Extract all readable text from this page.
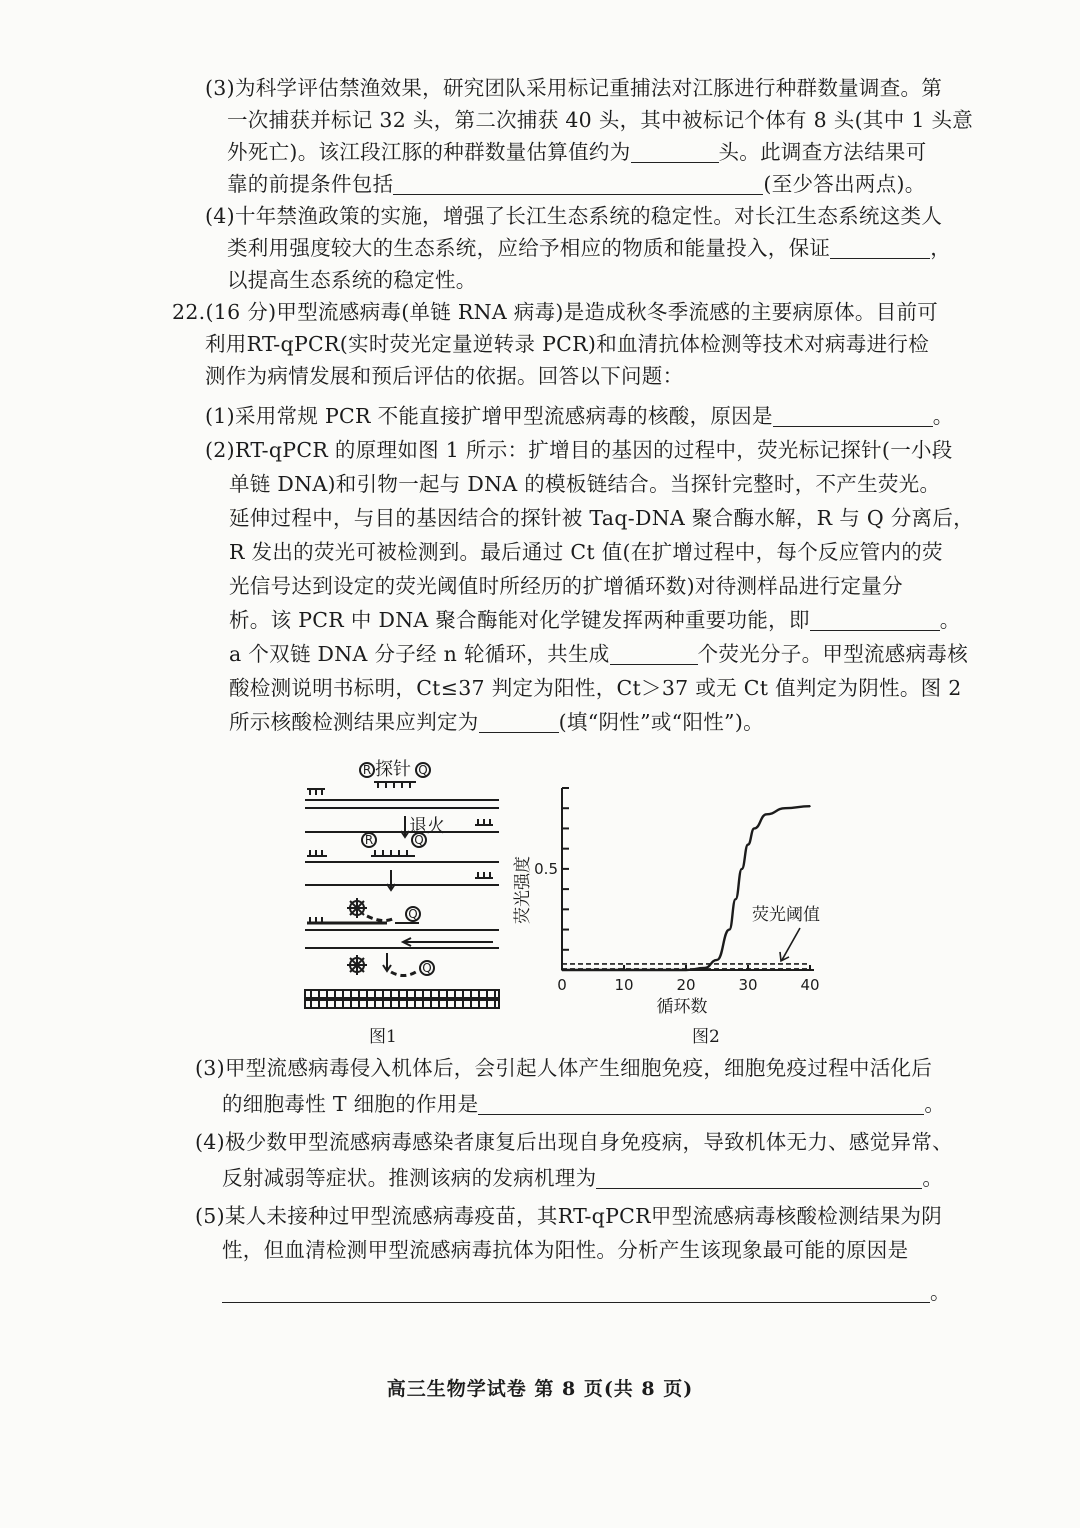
(3)为科学评估禁渔效果，研究团队采用标记重捕法对江豚进行种群数量调查。第
一次捕获并标记 32 头，第二次捕获 40 头，其中被标记个体有 8 头(其中 1 头意
外死亡)。该江段江豚的种群数量估算值约为	头。此调查方法结果可
靠的前提条件包括	(至少答出两点)。
(4)十年禁渔政策的实施，增强了长江生态系统的稳定性。对长江生态系统这类人
类利用强度较大的生态系统，应给予相应的物质和能量投入，保证	，
以提高生态系统的稳定性。
22.(16 分)甲型流感病毒(单链 RNA 病毒)是造成秋冬季流感的主要病原体。目前可
利用RT-qPCR(实时荧光定量逆转录 PCR)和血清抗体检测等技术对病毒进行检
测作为病情发展和预后评估的依据。回答以下问题：
(1)采用常规 PCR 不能直接扩增甲型流感病毒的核酸，原因是	。
(2)RT-qPCR 的原理如图 1 所示：扩增目的基因的过程中，荧光标记探针(一小段
单链 DNA)和引物一起与 DNA 的模板链结合。当探针完整时，不产生荧光。
延伸过程中，与目的基因结合的探针被 Taq-DNA 聚合酶水解，R 与 Q 分离后，
R 发出的荧光可被检测到。最后通过 Ct 值(在扩增过程中，每个反应管内的荧
光信号达到设定的荧光阈值时所经历的扩增循环数)对待测样品进行定量分
析。该 PCR 中 DNA 聚合酶能对化学键发挥两种重要功能，即	。
a 个双链 DNA 分子经 n 轮循环，共生成	个荧光分子。甲型流感病毒核
酸检测说明书标明，Ct≤37 判定为阳性，Ct＞37 或无 Ct 值判定为阴性。图 2
所示核酸检测结果应判定为	(填“阴性”或“阳性”)。
R	Q
R	Q
Q
Q
探针
退火
图1
0.5
0	10	20	30	40
循环数
荧光强度	荧光阈值
图2
(3)甲型流感病毒侵入机体后，会引起人体产生细胞免疫，细胞免疫过程中活化后
的细胞毒性 T 细胞的作用是	。
(4)极少数甲型流感病毒感染者康复后出现自身免疫病，导致机体无力、感觉异常、
反射减弱等症状。推测该病的发病机理为	。
(5)某人未接种过甲型流感病毒疫苗，其RT-qPCR甲型流感病毒核酸检测结果为阴
性，但血清检测甲型流感病毒抗体为阳性。分析产生该现象最可能的原因是
。
高三生物学试卷 第 8 页(共 8 页)
